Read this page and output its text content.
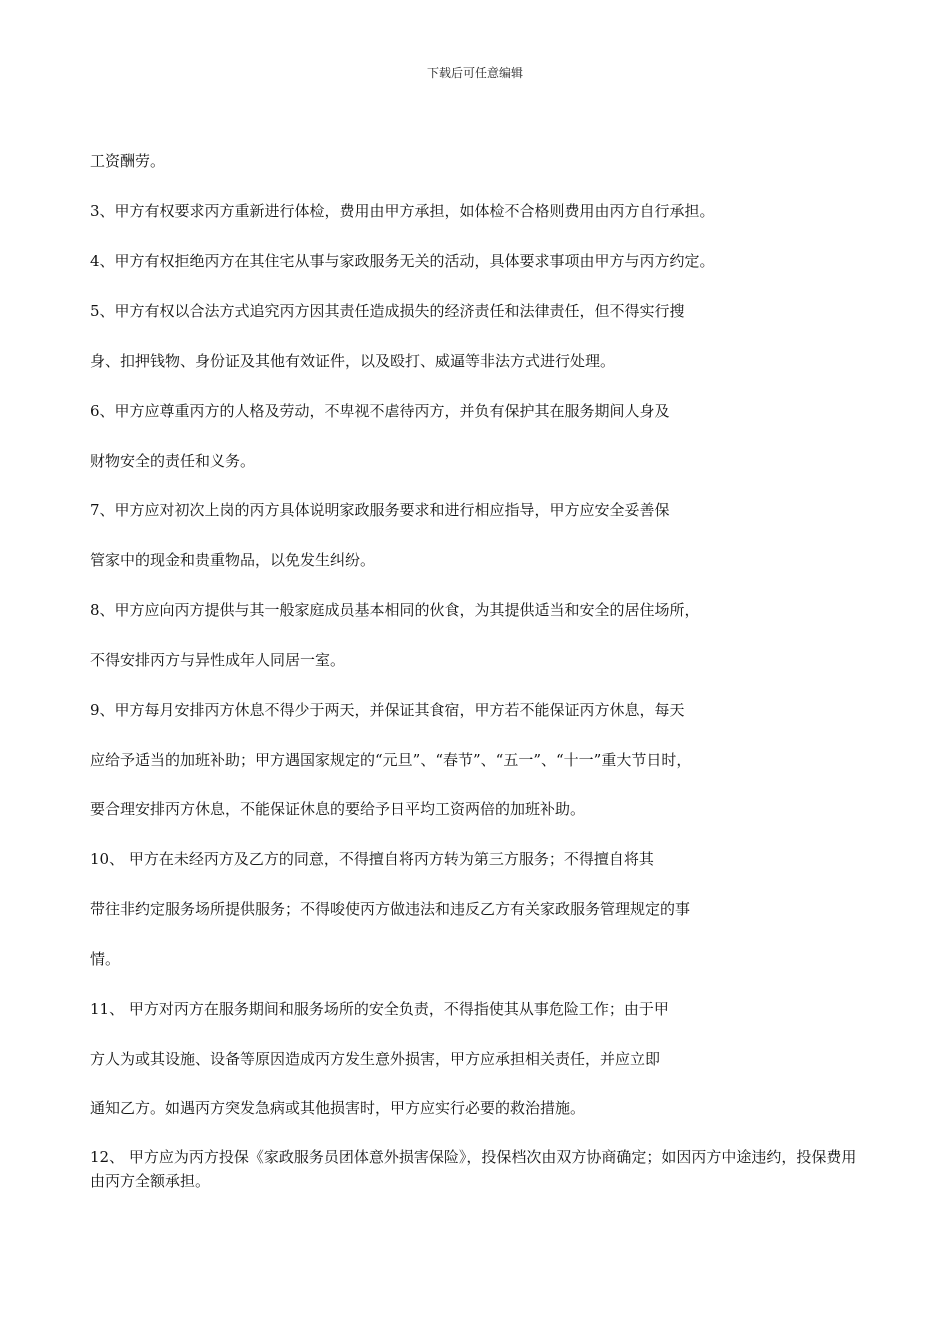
下载后可任意编辑
工资酬劳。
3、甲方有权要求丙方重新进行体检，费用由甲方承担，如体检不合格则费用由丙方自行承担。
4、甲方有权拒绝丙方在其住宅从事与家政服务无关的活动，具体要求事项由甲方与丙方约定。
5、甲方有权以合法方式追究丙方因其责任造成损失的经济责任和法律责任，但不得实行搜
身、扣押钱物、身份证及其他有效证件，以及殴打、威逼等非法方式进行处理。
6、甲方应尊重丙方的人格及劳动，不卑视不虐待丙方，并负有保护其在服务期间人身及
财物安全的责任和义务。
7、甲方应对初次上岗的丙方具体说明家政服务要求和进行相应指导，甲方应安全妥善保
管家中的现金和贵重物品，以免发生纠纷。
8、甲方应向丙方提供与其一般家庭成员基本相同的伙食，为其提供适当和安全的居住场所，
不得安排丙方与异性成年人同居一室。
9、甲方每月安排丙方休息不得少于两天，并保证其食宿，甲方若不能保证丙方休息，每天
应给予适当的加班补助；甲方遇国家规定的“元旦”、“春节”、“五一”、“十一”重大节日时，
要合理安排丙方休息，不能保证休息的要给予日平均工资两倍的加班补助。
10、 甲方在未经丙方及乙方的同意，不得擅自将丙方转为第三方服务；不得擅自将其
带往非约定服务场所提供服务；不得唆使丙方做违法和违反乙方有关家政服务管理规定的事
情。
11、 甲方对丙方在服务期间和服务场所的安全负责，不得指使其从事危险工作；由于甲
方人为或其设施、设备等原因造成丙方发生意外损害，甲方应承担相关责任，并应立即
通知乙方。如遇丙方突发急病或其他损害时，甲方应实行必要的救治措施。
12、 甲方应为丙方投保《家政服务员团体意外损害保险》，投保档次由双方协商确定；如因丙方中途违约，投保费用由丙方全额承担。
